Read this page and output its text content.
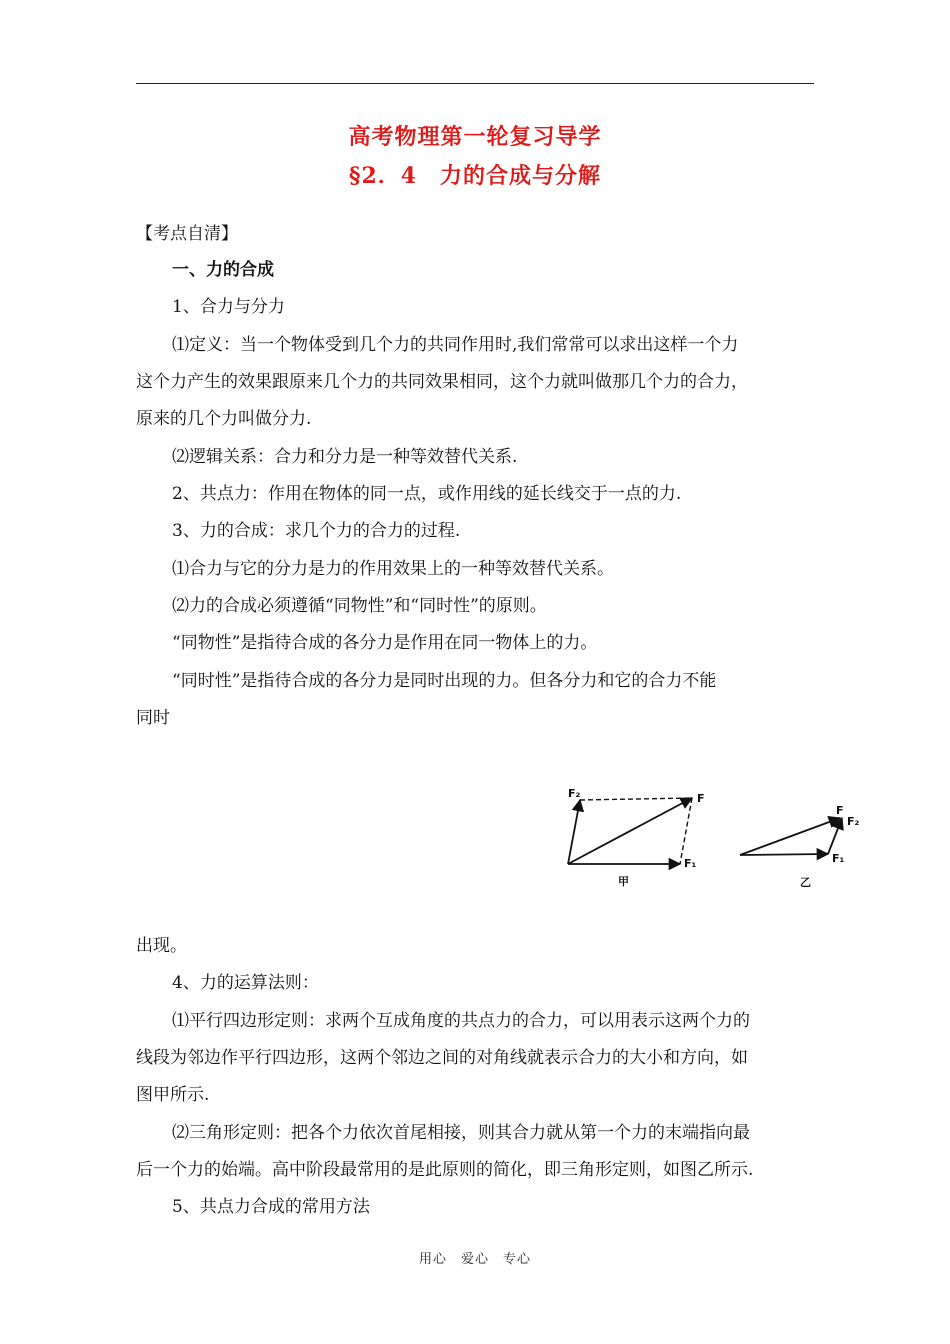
高考物理第一轮复习导学
§2．4　力的合成与分解
【考点自清】
一、力的合成
1、合力与分力
⑴定义：当一个物体受到几个力的共同作用时,我们常常可以求出这样一个力
这个力产生的效果跟原来几个力的共同效果相同，这个力就叫做那几个力的合力，
原来的几个力叫做分力.
⑵逻辑关系：合力和分力是一种等效替代关系.
2、共点力：作用在物体的同一点，或作用线的延长线交于一点的力.
3、力的合成：求几个力的合力的过程.
⑴合力与它的分力是力的作用效果上的一种等效替代关系。
⑵力的合成必须遵循“同物性”和“同时性”的原则。
“同物性”是指待合成的各分力是作用在同一物体上的力。
“同时性”是指待合成的各分力是同时出现的力。但各分力和它的合力不能
同时
F₂	F
F₁
甲
F
F₂
F₁
乙
出现。
4、力的运算法则：
⑴平行四边形定则：求两个互成角度的共点力的合力，可以用表示这两个力的
线段为邻边作平行四边形，这两个邻边之间的对角线就表示合力的大小和方向，如
图甲所示.
⑵三角形定则：把各个力依次首尾相接，则其合力就从第一个力的末端指向最
后一个力的始端。高中阶段最常用的是此原则的简化，即三角形定则，如图乙所示.
5、共点力合成的常用方法
用心　爱心　专心
